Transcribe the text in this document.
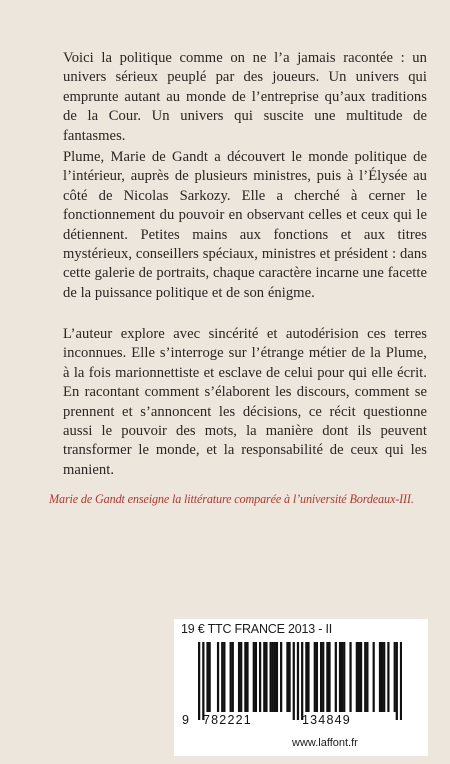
Voici la politique comme on ne l’a jamais racontée : un univers sérieux peuplé par des joueurs. Un univers qui emprunte autant au monde de l’entreprise qu’aux traditions de la Cour. Un univers qui suscite une multitude de fantasmes.
Plume, Marie de Gandt a découvert le monde politique de l’intérieur, auprès de plusieurs ministres, puis à l’Élysée au côté de Nicolas Sarkozy. Elle a cherché à cerner le fonctionnement du pouvoir en observant celles et ceux qui le détiennent. Petites mains aux fonctions et aux titres mystérieux, conseillers spéciaux, ministres et président : dans cette galerie de portraits, chaque caractère incarne une facette de la puissance politique et de son énigme.
L’auteur explore avec sincérité et autodérision ces terres inconnues. Elle s’interroge sur l’étrange métier de la Plume, à la fois marionnettiste et esclave de celui pour qui elle écrit. En racontant comment s’élaborent les discours, comment se prennent et s’annoncent les décisions, ce récit questionne aussi le pouvoir des mots, la manière dont ils peuvent transformer le monde, et la responsabilité de ceux qui les manient.
Marie de Gandt enseigne la littérature comparée à l’université Bordeaux-III.
19 € TTC FRANCE 2013 - II
9 782221	134849
www.laffont.fr
